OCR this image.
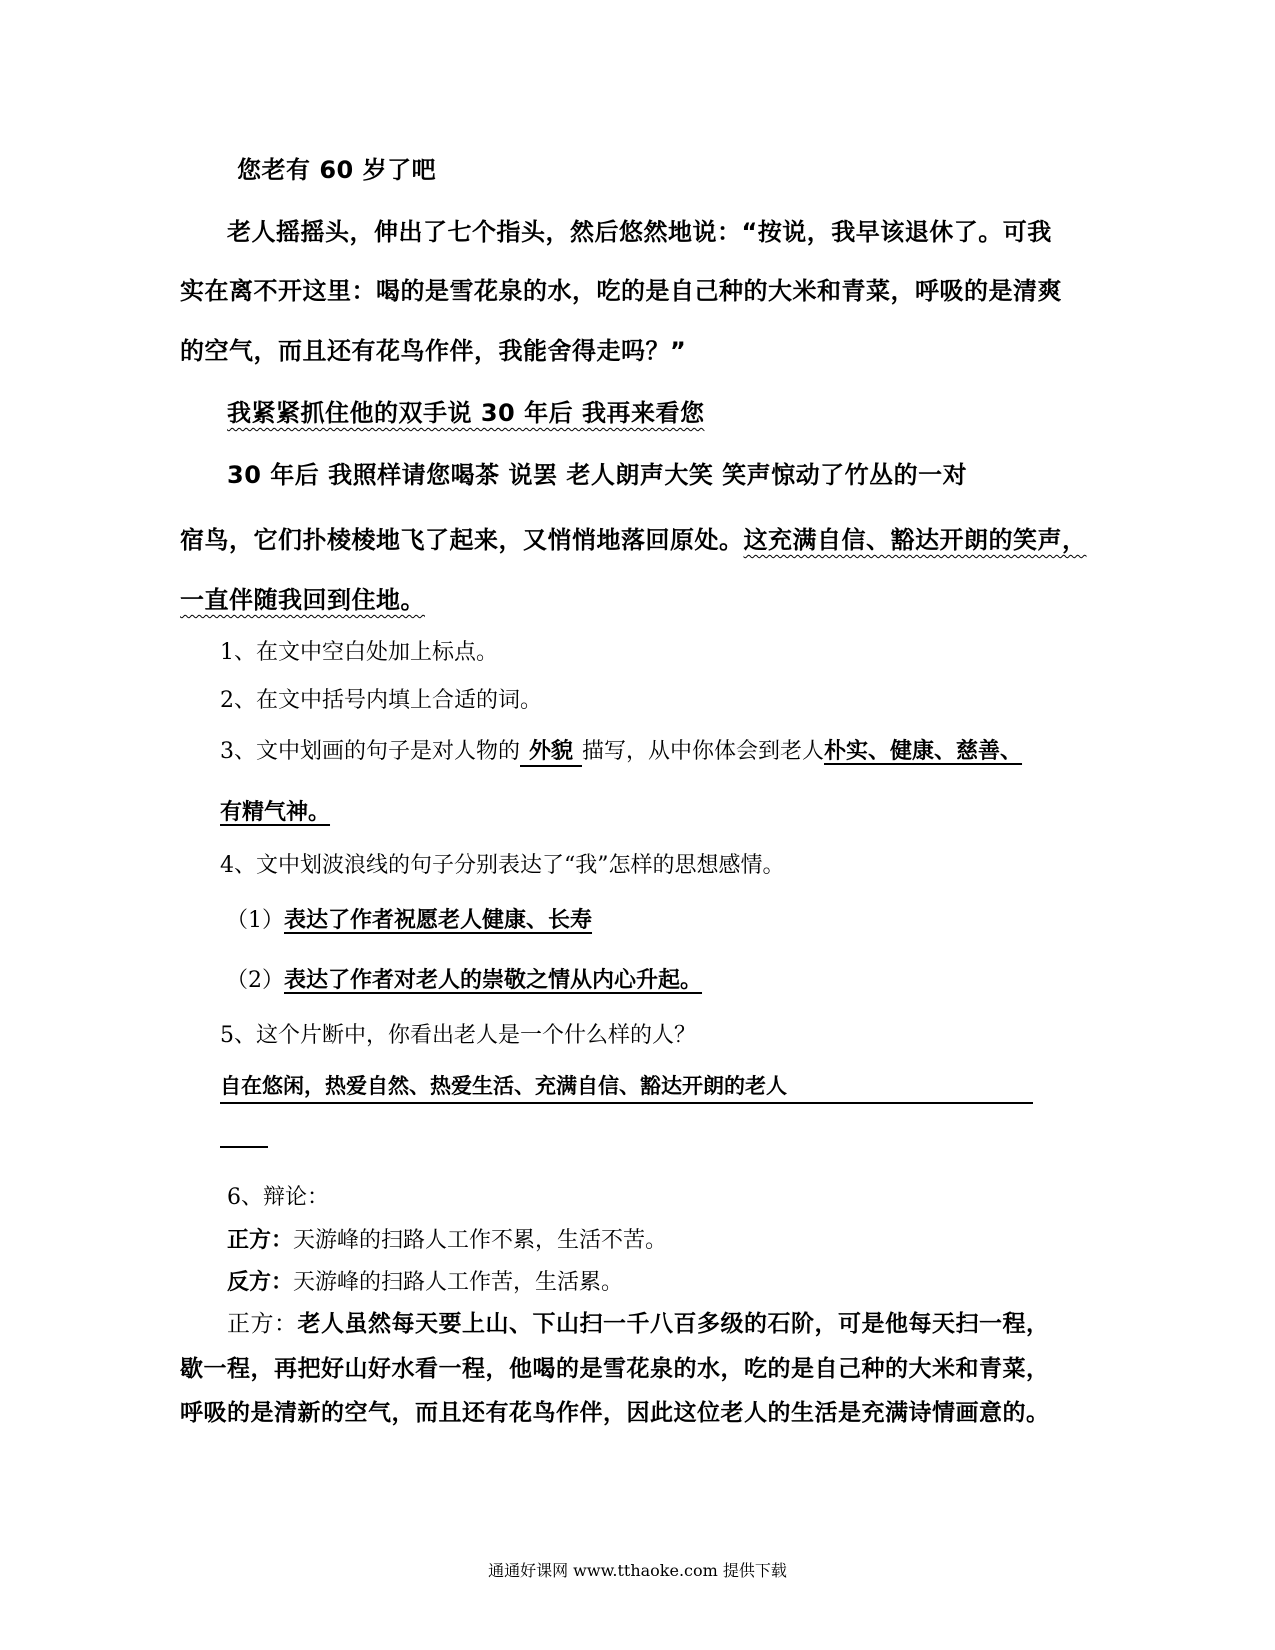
您老有 60 岁了吧
老人摇摇头，伸出了七个指头，然后悠然地说：“按说，我早该退休了。可我
实在离不开这里：喝的是雪花泉的水，吃的是自己种的大米和青菜，呼吸的是清爽
的空气，而且还有花鸟作伴，我能舍得走吗？”
我紧紧抓住他的双手说 30 年后 我再来看您
30 年后 我照样请您喝茶 说罢 老人朗声大笑 笑声惊动了竹丛的一对
宿鸟，它们扑棱棱地飞了起来，又悄悄地落回原处。这充满自信、豁达开朗的笑声，
一直伴随我回到住地。
1、在文中空白处加上标点。
2、在文中括号内填上合适的词。
3、文中划画的句子是对人物的 外貌 描写，从中你体会到老人朴实、健康、慈善、
有精气神。
4、文中划波浪线的句子分别表达了“我”怎样的思想感情。
（1）表达了作者祝愿老人健康、长寿
（2）表达了作者对老人的崇敬之情从内心升起。
5、这个片断中，你看出老人是一个什么样的人？
自在悠闲，热爱自然、热爱生活、充满自信、豁达开朗的老人
6、辩论：
正方：天游峰的扫路人工作不累，生活不苦。
反方：天游峰的扫路人工作苦，生活累。
正方：老人虽然每天要上山、下山扫一千八百多级的石阶，可是他每天扫一程，
歇一程，再把好山好水看一程，他喝的是雪花泉的水，吃的是自己种的大米和青菜，
呼吸的是清新的空气，而且还有花鸟作伴，因此这位老人的生活是充满诗情画意的。
通通好课网 www.tthaoke.com 提供下载
